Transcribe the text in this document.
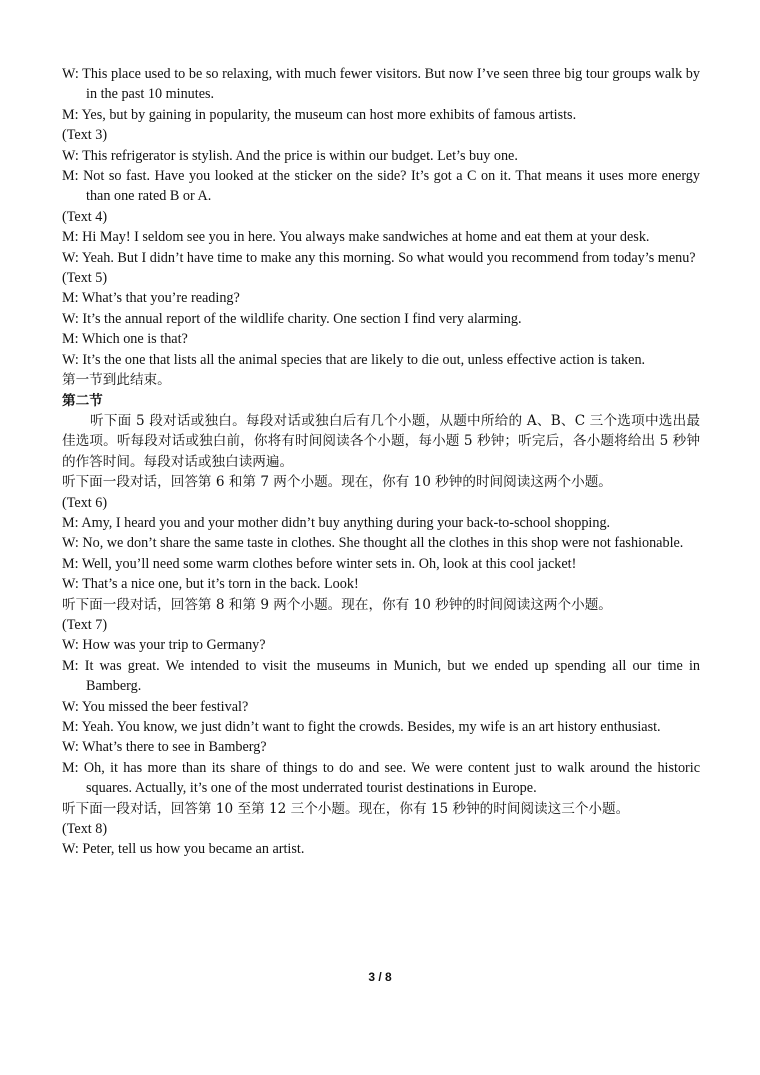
W: This place used to be so relaxing, with much fewer visitors. But now I’ve seen three big tour groups walk by in the past 10 minutes.
M: Yes, but by gaining in popularity, the museum can host more exhibits of famous artists.
(Text 3)
W: This refrigerator is stylish. And the price is within our budget. Let’s buy one.
M: Not so fast. Have you looked at the sticker on the side? It’s got a C on it. That means it uses more energy than one rated B or A.
(Text 4)
M: Hi May! I seldom see you in here. You always make sandwiches at home and eat them at your desk.
W: Yeah. But I didn’t have time to make any this morning. So what would you recommend from today’s menu?
(Text 5)
M: What’s that you’re reading?
W: It’s the annual report of the wildlife charity. One section I find very alarming.
M: Which one is that?
W: It’s the one that lists all the animal species that are likely to die out, unless effective action is taken.
第一节到此结束。
第二节
听下面 5 段对话或独白。每段对话或独白后有几个小题，从题中所给的 A、B、C 三个选项中选出最佳选项。听每段对话或独白前，你将有时间阅读各个小题，每小题 5 秒钟；听完后，各小题将给出 5 秒钟的作答时间。每段对话或独白读两遍。
听下面一段对话，回答第 6 和第 7 两个小题。现在，你有 10 秒钟的时间阅读这两个小题。
(Text 6)
M: Amy, I heard you and your mother didn’t buy anything during your back-to-school shopping.
W: No, we don’t share the same taste in clothes. She thought all the clothes in this shop were not fashionable.
M: Well, you’ll need some warm clothes before winter sets in. Oh, look at this cool jacket!
W: That’s a nice one, but it’s torn in the back. Look!
听下面一段对话，回答第 8 和第 9 两个小题。现在，你有 10 秒钟的时间阅读这两个小题。
(Text 7)
W: How was your trip to Germany?
M: It was great. We intended to visit the museums in Munich, but we ended up spending all our time in Bamberg.
W: You missed the beer festival?
M: Yeah. You know, we just didn’t want to fight the crowds. Besides, my wife is an art history enthusiast.
W: What’s there to see in Bamberg?
M: Oh, it has more than its share of things to do and see. We were content just to walk around the historic squares. Actually, it’s one of the most underrated tourist destinations in Europe.
听下面一段对话，回答第 10 至第 12 三个小题。现在，你有 15 秒钟的时间阅读这三个小题。
(Text 8)
W: Peter, tell us how you became an artist.
3 / 8
